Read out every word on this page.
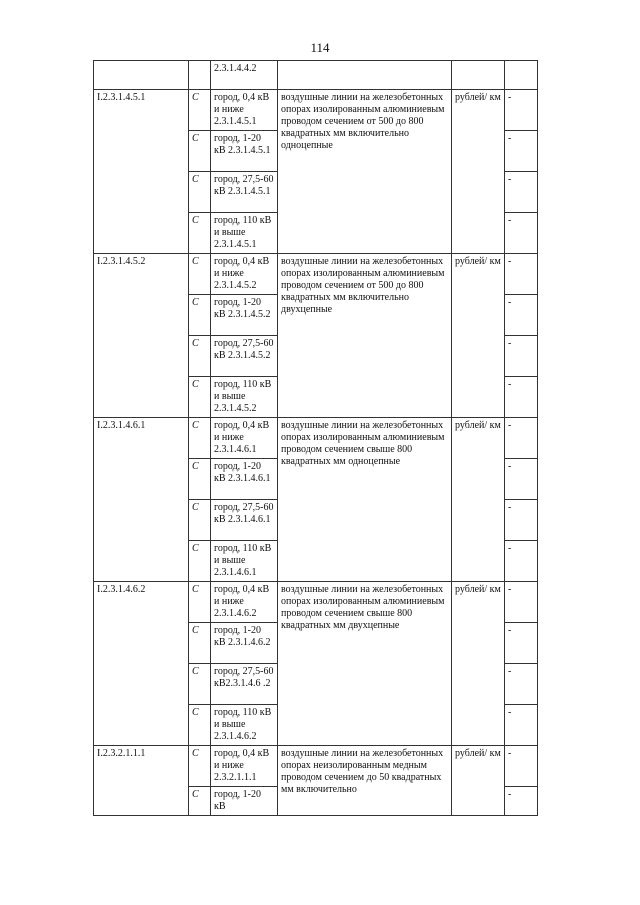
114
		2.3.1.4.4.2			
I.2.3.1.4.5.1	С	город, 0,4 кВ и ниже 2.3.1.4.5.1	воздушные линии на железобетонных опорах изолированным алюминиевым проводом сечением от 500 до 800 квадратных мм включительно одноцепные	рублей/ км	-
	С	город, 1-20 кВ 2.3.1.4.5.1			-
	С	город, 27,5-60 кВ 2.3.1.4.5.1			-
	С	город, 110 кВ и выше 2.3.1.4.5.1			-
I.2.3.1.4.5.2	С	город, 0,4 кВ и ниже 2.3.1.4.5.2	воздушные линии на железобетонных опорах изолированным алюминиевым проводом сечением от 500 до 800 квадратных мм включительно двухцепные	рублей/ км	-
	С	город, 1-20 кВ 2.3.1.4.5.2			-
	С	город, 27,5-60 кВ 2.3.1.4.5.2			-
	С	город, 110 кВ и выше 2.3.1.4.5.2			-
I.2.3.1.4.6.1	С	город, 0,4 кВ и ниже 2.3.1.4.6.1	воздушные линии на железобетонных опорах изолированным алюминиевым проводом сечением свыше 800 квадратных мм одноцепные	рублей/ км	-
	С	город, 1-20 кВ 2.3.1.4.6.1			-
	С	город, 27,5-60 кВ 2.3.1.4.6.1			-
	С	город, 110 кВ и выше 2.3.1.4.6.1			-
I.2.3.1.4.6.2	С	город, 0,4 кВ и ниже 2.3.1.4.6.2	воздушные линии на железобетонных опорах изолированным алюминиевым проводом сечением свыше 800 квадратных мм двухцепные	рублей/ км	-
	С	город, 1-20 кВ 2.3.1.4.6.2			-
	С	город, 27,5-60 кВ2.3.1.4.6 .2			-
	С	город, 110 кВ и выше 2.3.1.4.6.2			-
I.2.3.2.1.1.1	С	город, 0,4 кВ и ниже 2.3.2.1.1.1	воздушные линии на железобетонных опорах неизолированным медным проводом сечением до 50 квадратных мм включительно	рублей/ км	-
	С	город, 1-20 кВ			-
